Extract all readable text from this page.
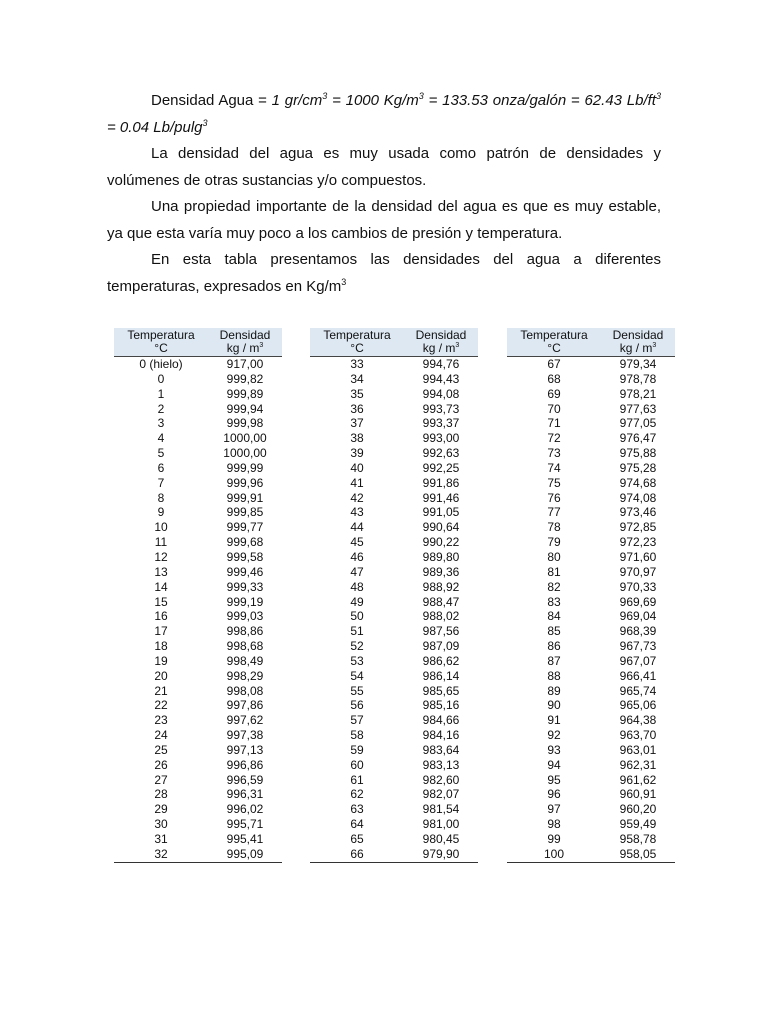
Densidad Agua = 1 $gr/cm^3 = 1000$ $Kg/m^3 = 133.53$ onza/galón = 62.43 $Lb/ft^3 = 0.04$ Lb/pulg$^3$

La densidad del agua es muy usada como patrón de densidades y volúmenes de otras sustancias y/o compuestos.

Una propiedad importante de la densidad del agua es que es muy estable, ya que esta varía muy poco a los cambios de presión y temperatura.

En esta tabla presentamos las densidades del agua a diferentes temperaturas, expresados en $Kg/m^3$

Temperatura
°C	Densidad
kg / $m^3$
0 (hielo)	917,00
0	999,82
1	999,89
2	999,94
3	999,98
4	1000,00
5	1000,00
6	999,99
7	999,96
8	999,91
9	999,85
10	999,77
11	999,68
12	999,58
13	999,46
14	999,33
15	999,19
16	999,03
17	998,86
18	998,68
19	998,49
20	998,29
21	998,08
22	997,86
23	997,62
24	997,38
25	997,13
26	996,86
27	996,59
28	996,31
29	996,02
30	995,71
31	995,41
32	995,09
Temperatura
°C	Densidad
kg / $m^3$
33	994,76
34	994,43
35	994,08
36	993,73
37	993,37
38	993,00
39	992,63
40	992,25
41	991,86
42	991,46
43	991,05
44	990,64
45	990,22
46	989,80
47	989,36
48	988,92
49	988,47
50	988,02
51	987,56
52	987,09
53	986,62
54	986,14
55	985,65
56	985,16
57	984,66
58	984,16
59	983,64
60	983,13
61	982,60
62	982,07
63	981,54
64	981,00
65	980,45
66	979,90
Temperatura
°C	Densidad
kg / $m^3$
67	979,34
68	978,78
69	978,21
70	977,63
71	977,05
72	976,47
73	975,88
74	975,28
75	974,68
76	974,08
77	973,46
78	972,85
79	972,23
80	971,60
81	970,97
82	970,33
83	969,69
84	969,04
85	968,39
86	967,73
87	967,07
88	966,41
89	965,74
90	965,06
91	964,38
92	963,70
93	963,01
94	962,31
95	961,62
96	960,91
97	960,20
98	959,49
99	958,78
100	958,05
